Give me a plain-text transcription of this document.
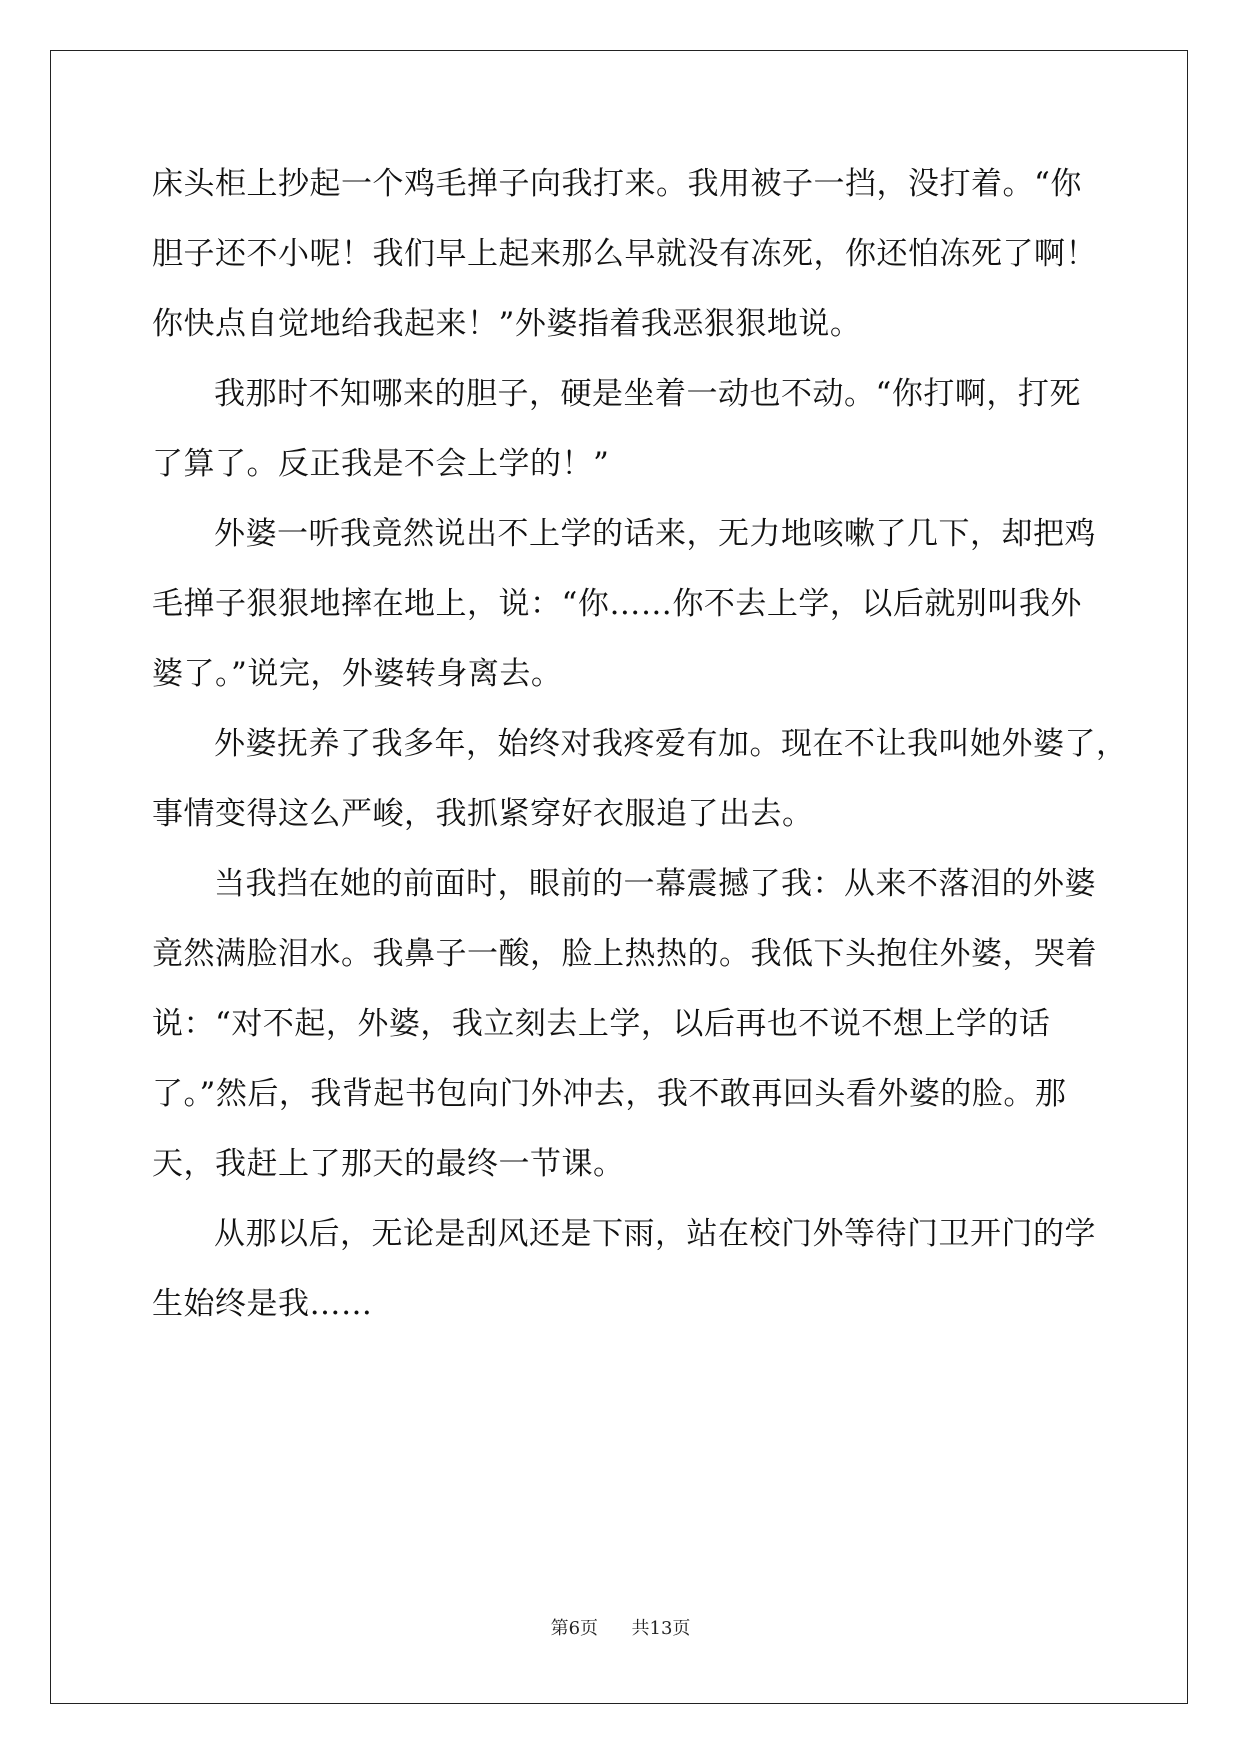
床头柜上抄起一个鸡毛掸子向我打来。我用被子一挡，没打着。“你
胆子还不小呢！我们早上起来那么早就没有冻死，你还怕冻死了啊！
你快点自觉地给我起来！”外婆指着我恶狠狠地说。
我那时不知哪来的胆子，硬是坐着一动也不动。“你打啊，打死
了算了。反正我是不会上学的！”
外婆一听我竟然说出不上学的话来，无力地咳嗽了几下，却把鸡
毛掸子狠狠地摔在地上，说：“你……你不去上学，以后就别叫我外
婆了。”说完，外婆转身离去。
外婆抚养了我多年，始终对我疼爱有加。现在不让我叫她外婆了，
事情变得这么严峻，我抓紧穿好衣服追了出去。
当我挡在她的前面时，眼前的一幕震撼了我：从来不落泪的外婆
竟然满脸泪水。我鼻子一酸，脸上热热的。我低下头抱住外婆，哭着
说：“对不起，外婆，我立刻去上学，以后再也不说不想上学的话
了。”然后，我背起书包向门外冲去，我不敢再回头看外婆的脸。那
天，我赶上了那天的最终一节课。
从那以后，无论是刮风还是下雨，站在校门外等待门卫开门的学
生始终是我……
第6页 共13页
